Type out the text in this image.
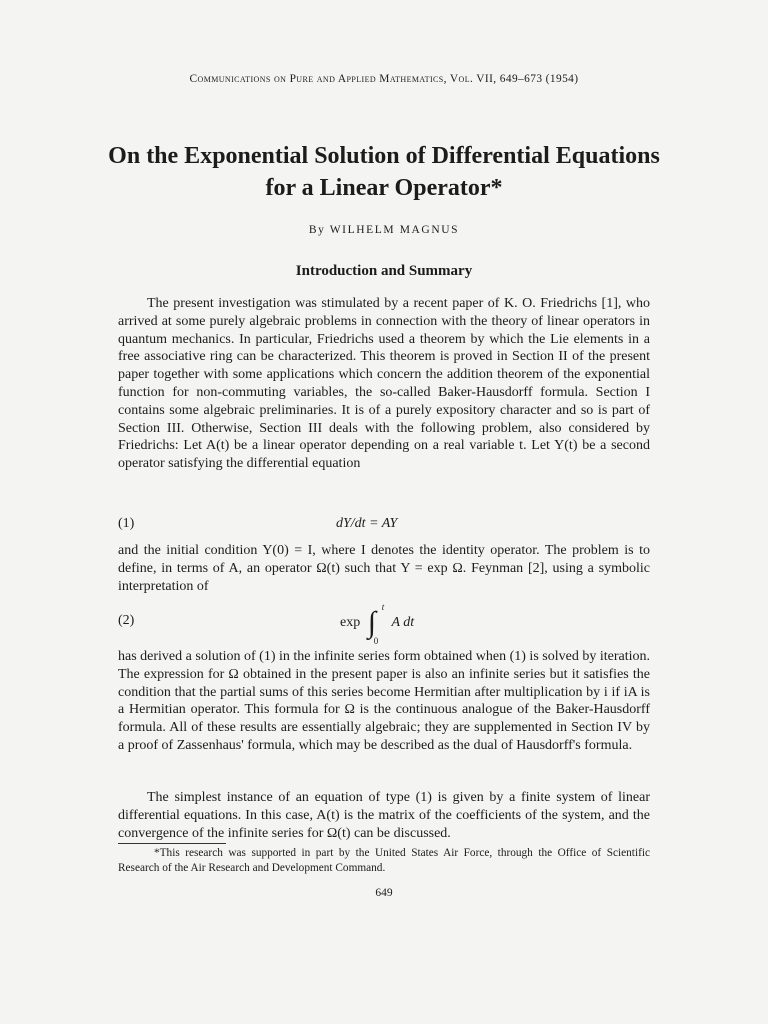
Communications on Pure and Applied Mathematics, Vol. VII, 649–673 (1954)
On the Exponential Solution of Differential Equations for a Linear Operator*
By WILHELM MAGNUS
Introduction and Summary

The present investigation was stimulated by a recent paper of K. O. Friedrichs [1], who arrived at some purely algebraic problems in connection with the theory of linear operators in quantum mechanics. In particular, Friedrichs used a theorem by which the Lie elements in a free associative ring can be characterized. This theorem is proved in Section II of the present paper together with some applications which concern the addition theorem of the exponential function for non-commuting variables, the so-called Baker-Hausdorff formula. Section I contains some algebraic preliminaries. It is of a purely expository character and so is part of Section III. Otherwise, Section III deals with the following problem, also considered by Friedrichs: Let A(t) be a linear operator depending on a real variable t. Let Y(t) be a second operator satisfying the differential equation

(1)	dY/dt = AY

and the initial condition Y(0) = I, where I denotes the identity operator. The problem is to define, in terms of A, an operator Ω(t) such that Y = exp Ω. Feynman [2], using a symbolic interpretation of

(2)	exp ∫ t
0
A dt

has derived a solution of (1) in the infinite series form obtained when (1) is solved by iteration. The expression for Ω obtained in the present paper is also an infinite series but it satisfies the condition that the partial sums of this series become Hermitian after multiplication by i if iA is a Hermitian operator. This formula for Ω is the continuous analogue of the Baker-Hausdorff formula. All of these results are essentially algebraic; they are supplemented in Section IV by a proof of Zassenhaus' formula, which may be described as the dual of Hausdorff's formula.

The simplest instance of an equation of type (1) is given by a finite system of linear differential equations. In this case, A(t) is the matrix of the coefficients of the system, and the convergence of the infinite series for Ω(t) can be discussed.

*This research was supported in part by the United States Air Force, through the Office of Scientific Research of the Air Research and Development Command.

649
